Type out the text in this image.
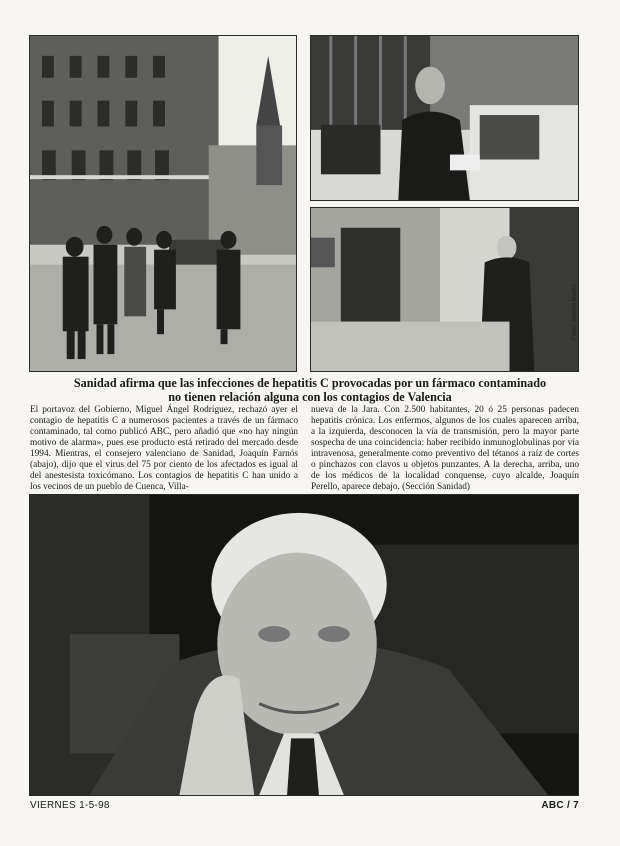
Fotos: Alberto Martín
Sanidad afirma que las infecciones de hepatitis C provocadas por un fármaco contaminado
no tienen relación alguna con los contagios de Valencia

El portavoz del Gobierno, Miguel Ángel Rodríguez, rechazó ayer el contagio de hepatitis C a numerosos pacientes a través de un fármaco contaminado, tal como publicó ABC, pero añadió que «no hay ningún motivo de alarma», pues ese producto está retirado del mercado desde 1994. Mientras, el consejero valenciano de Sanidad, Joaquín Farnós (abajo), dijo que el virus del 75 por ciento de los afectados es igual al del anestesista toxicómano. Los contagios de hepatitis C han unido a los vecinos de un pueblo de Cuenca, Villa-

nueva de la Jara. Con 2.500 habitantes, 20 ó 25 personas padecen hepatitis crónica. Los enfermos, algunos de los cuales aparecen arriba, a la izquierda, desconocen la vía de transmisión, pero la mayor parte sospecha de una coincidencia: haber recibido inmunoglobulinas por vía intravenosa, generalmente como preventivo del tétanos a raíz de cortes o pinchazos con clavos u objetos punzantes. A la derecha, arriba, uno de los médicos de la localidad conquense, cuyo alcalde, Joaquín Perello, aparece debajo. (Sección Sanidad)

VIERNES 1-5-98	ABC / 7
